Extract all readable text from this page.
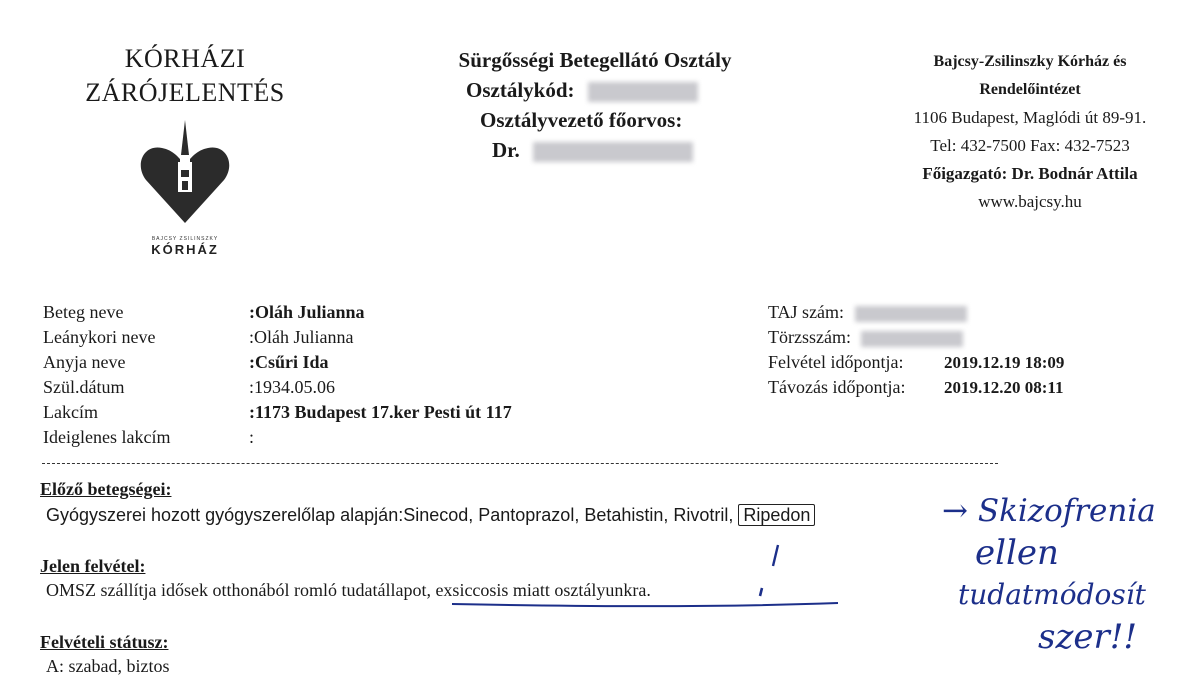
KÓRHÁZI
ZÁRÓJELENTÉS
BAJCSY ZSILINSZKY
KÓRHÁZ
Sürgősségi Betegellátó Osztály
Osztálykód:
Osztályvezető főorvos:
Dr.
Bajcsy-Zsilinszky Kórház és
Rendelőintézet
1106 Budapest, Maglódi út 89-91.
Tel: 432-7500 Fax: 432-7523
Főigazgató: Dr. Bodnár Attila
www.bajcsy.hu
Beteg neve	:Oláh Julianna
Leánykori neve	:Oláh Julianna
Anyja neve	:Csűri Ida
Szül.dátum	:1934.05.06
Lakcím	:1173 Budapest 17.ker Pesti út 117
Ideiglenes lakcím	:
TAJ szám:
Törzsszám:
Felvétel időpontja: 2019.12.19 18:09
Távozás időpontja: 2019.12.20 08:11
Előző betegségei:
Gyógyszerei hozott gyógyszerelőlap alapján:Sinecod, Pantoprazol, Betahistin, Rivotril, Ripedon
Jelen felvétel:
OMSZ szállítja idősek otthonából romló tudatállapot, exsiccosis miatt osztályunkra.
Felvételi státusz:
A: szabad, biztos
→ Skizofrenia
ellen
tudatmódosít
szer!!
